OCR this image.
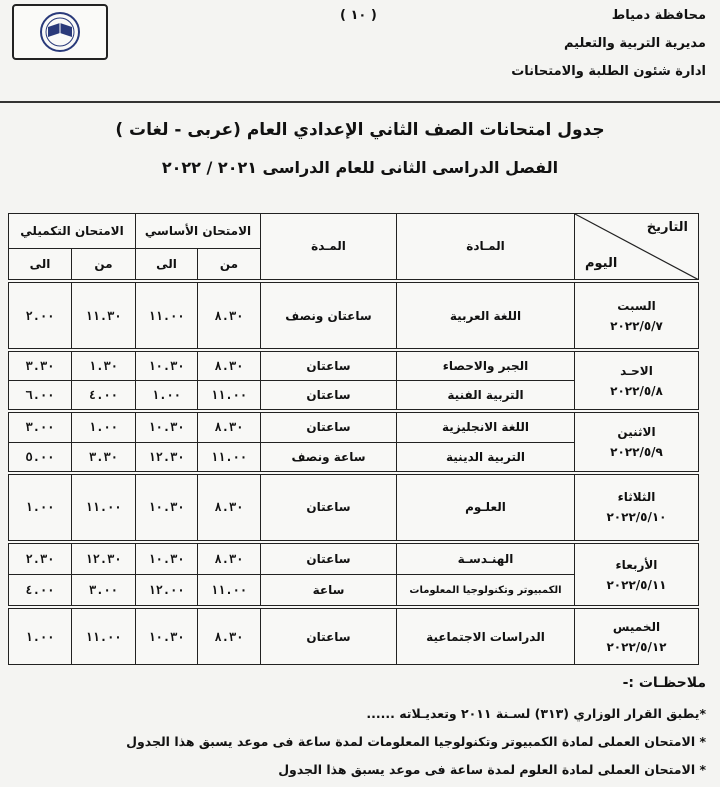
( ١٠ )	محافظة دمياط
مديرية التربية والتعليم
ادارة شئون الطلبة والامتحانات
جدول امتحانات الصف الثاني الإعدادي العام (عربى - لغات )
الفصل الدراسى الثانى للعام الدراسى ٢٠٢١ / ٢٠٢٢
التاريخ
اليوم	المـادة	المـدة	الامتحان الأساسي		الامتحان التكميلي	
			من	الى	من	الى

السبت
٢٠٢٢/٥/٧	اللغة العربية	ساعتان ونصف	٨.٣٠	١١.٠٠	١١.٣٠	٢.٠٠

الاحـد
٢٠٢٢/٥/٨	الجبر والاحصاء	ساعتان	٨.٣٠	١٠.٣٠	١.٣٠	٣.٣٠
	التربية الفنية	ساعتان	١١.٠٠	١.٠٠	٤.٠٠	٦.٠٠

الاثنين
٢٠٢٢/٥/٩	اللغة الانجليزية	ساعتان	٨.٣٠	١٠.٣٠	١.٠٠	٣.٠٠
	التربية الدينية	ساعة ونصف	١١.٠٠	١٢.٣٠	٣.٣٠	٥.٠٠

الثلاثاء
٢٠٢٢/٥/١٠	العلـوم	ساعتان	٨.٣٠	١٠.٣٠	١١.٠٠	١.٠٠

الأربعاء
٢٠٢٢/٥/١١	الهنـدسـة	ساعتان	٨.٣٠	١٠.٣٠	١٢.٣٠	٢.٣٠
	الكمبيوتر وتكنولوجيا المعلومات	ساعة	١١.٠٠	١٢.٠٠	٣.٠٠	٤.٠٠

الخميس
٢٠٢٢/٥/١٢	الدراسات الاجتماعية	ساعتان	٨.٣٠	١٠.٣٠	١١.٠٠	١.٠٠
ملاحظـات :-
*يطبق القرار الوزاري (٣١٣) لسـنة ٢٠١١ وتعديـلاته ......
* الامتحان العملى لمادة الكمبيوتر وتكنولوجيا المعلومات لمدة ساعة فى موعد يسبق هذا الجدول
* الامتحان العملى لمادة العلوم لمدة ساعة فى موعد يسبق هذا الجدول
